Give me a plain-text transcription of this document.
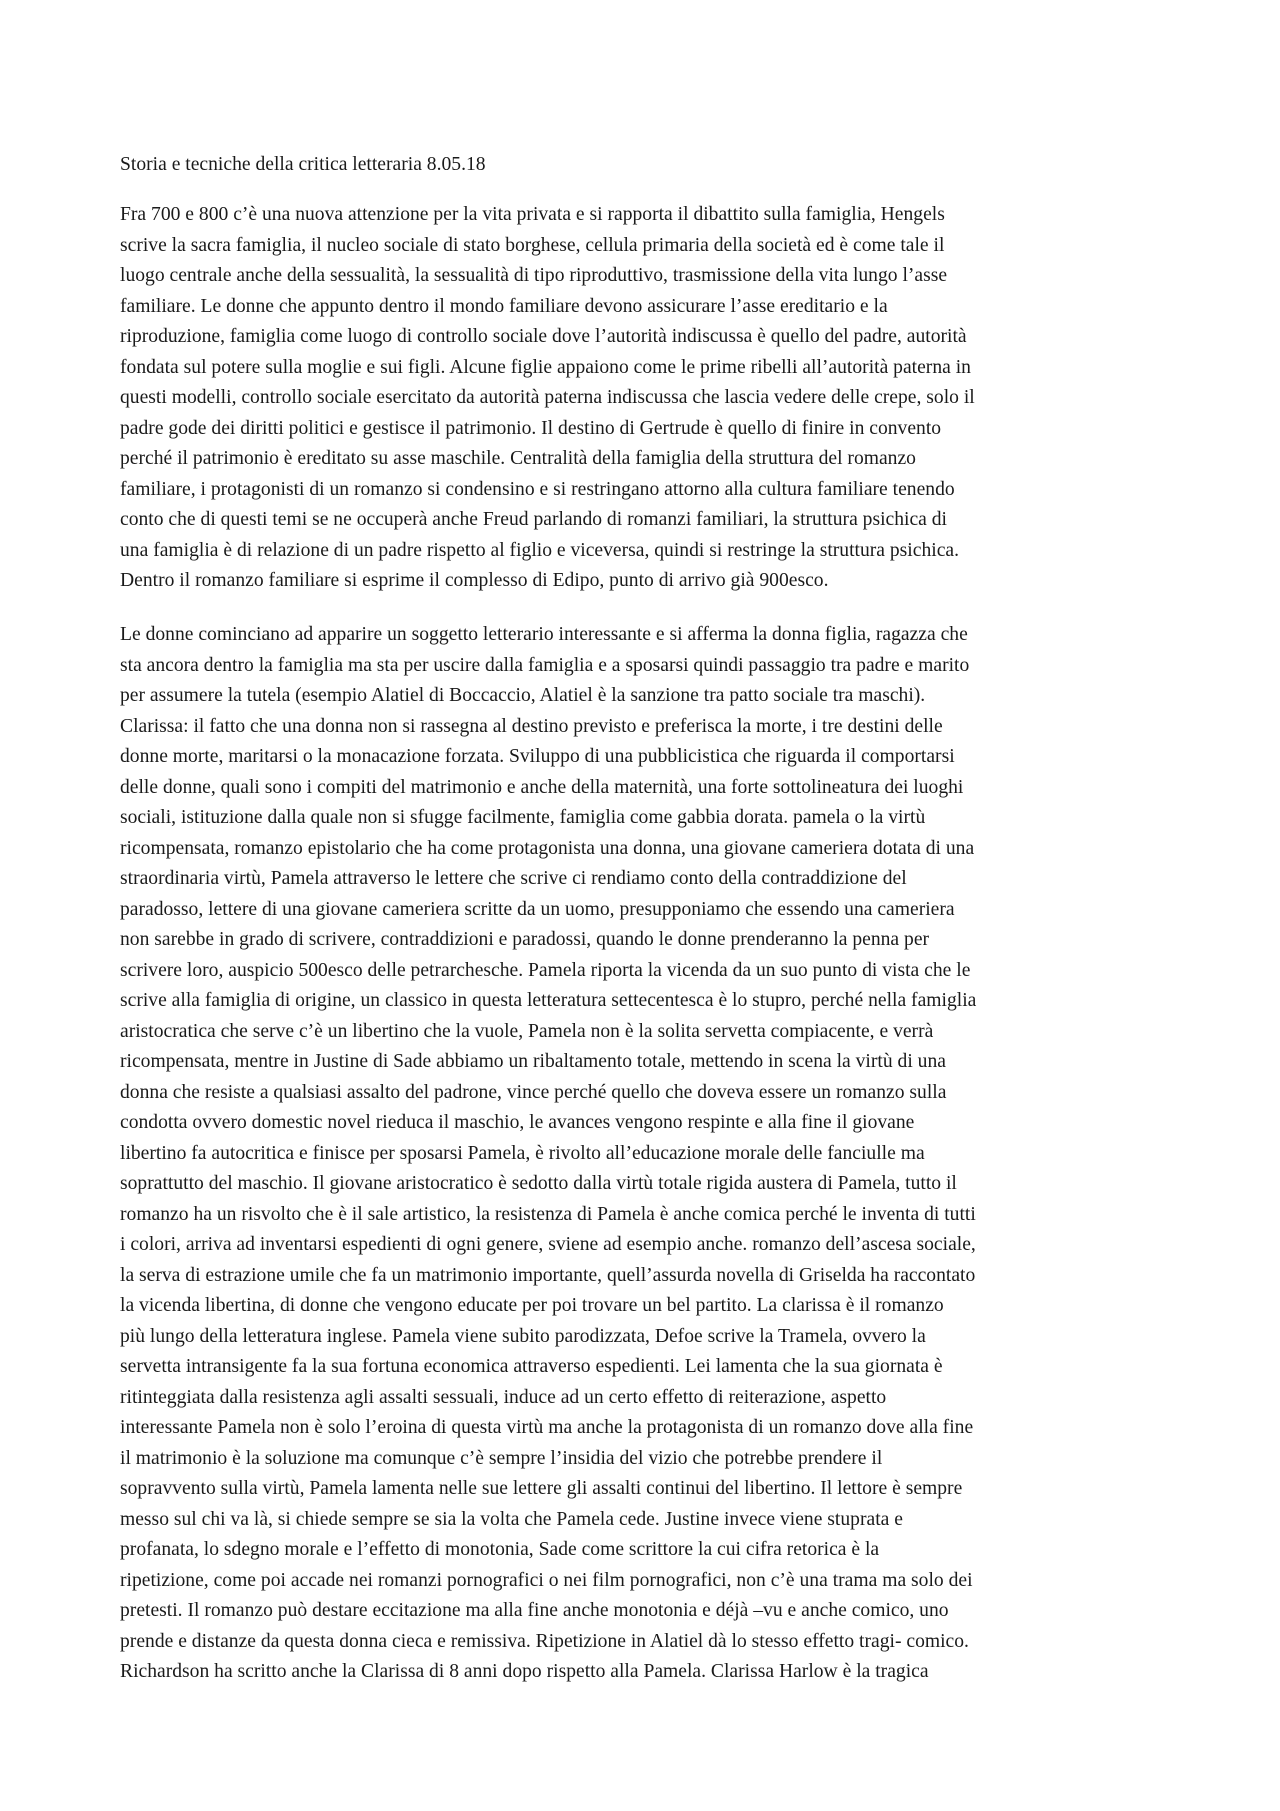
Storia e tecniche della critica letteraria 8.05.18
Fra 700 e 800 c’è una nuova attenzione per la vita privata e si rapporta il dibattito sulla famiglia, Hengels
scrive la sacra famiglia, il nucleo sociale di stato borghese, cellula primaria della società ed è come tale il
luogo centrale anche della sessualità, la sessualità di tipo riproduttivo, trasmissione della vita lungo l’asse
familiare. Le donne che appunto dentro il mondo familiare devono assicurare l’asse ereditario e la
riproduzione, famiglia come luogo di controllo sociale dove l’autorità indiscussa è quello del padre, autorità
fondata sul potere sulla moglie e sui figli. Alcune figlie appaiono come le prime ribelli all’autorità paterna in
questi modelli, controllo sociale esercitato da autorità paterna indiscussa che lascia vedere delle crepe, solo il
padre gode dei diritti politici e gestisce il patrimonio. Il destino di Gertrude è quello di finire in convento
perché il patrimonio è ereditato su asse maschile. Centralità della famiglia della struttura del romanzo
familiare, i protagonisti di un romanzo si condensino e si restringano attorno alla cultura familiare tenendo
conto che di questi temi se ne occuperà anche Freud parlando di romanzi familiari, la struttura psichica di
una famiglia è di relazione di un padre rispetto al figlio e viceversa, quindi si restringe la struttura psichica.
Dentro il romanzo familiare si esprime il complesso di Edipo, punto di arrivo già 900esco.
Le donne cominciano ad apparire un soggetto letterario interessante e si afferma la donna figlia, ragazza che
sta ancora dentro la famiglia ma sta per uscire dalla famiglia e a sposarsi quindi passaggio tra padre e marito
per assumere la tutela (esempio Alatiel di Boccaccio, Alatiel è la sanzione tra patto sociale tra maschi).
Clarissa: il fatto che una donna non si rassegna al destino previsto e preferisca la morte, i tre destini delle
donne morte, maritarsi o la monacazione forzata. Sviluppo di una pubblicistica che riguarda il comportarsi
delle donne, quali sono i compiti del matrimonio e anche della maternità, una forte sottolineatura dei luoghi
sociali, istituzione dalla quale non si sfugge facilmente, famiglia come gabbia dorata. pamela o la virtù
ricompensata, romanzo epistolario che ha come protagonista una donna, una giovane cameriera dotata di una
straordinaria virtù, Pamela attraverso le lettere che scrive ci rendiamo conto della contraddizione del
paradosso, lettere di una giovane cameriera scritte da un uomo, presupponiamo che essendo una cameriera
non sarebbe in grado di scrivere, contraddizioni e paradossi, quando le donne prenderanno la penna per
scrivere loro, auspicio 500esco delle petrarchesche. Pamela riporta la vicenda da un suo punto di vista che le
scrive alla famiglia di origine, un classico in questa letteratura settecentesca è lo stupro, perché nella famiglia
aristocratica che serve c’è un libertino che la vuole, Pamela non è la solita servetta compiacente, e verrà
ricompensata, mentre in Justine di Sade abbiamo un ribaltamento totale, mettendo in scena la virtù di una
donna che resiste a qualsiasi assalto del padrone, vince perché quello che doveva essere un romanzo sulla
condotta ovvero domestic novel rieduca il maschio, le avances vengono respinte e alla fine il giovane
libertino fa autocritica e finisce per sposarsi Pamela, è rivolto all’educazione morale delle fanciulle ma
soprattutto del maschio. Il giovane aristocratico è sedotto dalla virtù totale rigida austera di Pamela, tutto il
romanzo ha un risvolto che è il sale artistico, la resistenza di Pamela è anche comica perché le inventa di tutti
i colori, arriva ad inventarsi espedienti di ogni genere, sviene ad esempio anche. romanzo dell’ascesa sociale,
la serva di estrazione umile che fa un matrimonio importante, quell’assurda novella di Griselda ha raccontato
la vicenda libertina, di donne che vengono educate per poi trovare un bel partito. La clarissa è il romanzo
più lungo della letteratura inglese. Pamela viene subito parodizzata, Defoe scrive la Tramela, ovvero la
servetta intransigente fa la sua fortuna economica attraverso espedienti. Lei lamenta che la sua giornata è
ritinteggiata dalla resistenza agli assalti sessuali, induce ad un certo effetto di reiterazione, aspetto
interessante Pamela non è solo l’eroina di questa virtù ma anche la protagonista di un romanzo dove alla fine
il matrimonio è la soluzione ma comunque c’è sempre l’insidia del vizio che potrebbe prendere il
sopravvento sulla virtù, Pamela lamenta nelle sue lettere gli assalti continui del libertino. Il lettore è sempre
messo sul chi va là, si chiede sempre se sia la volta che Pamela cede. Justine invece viene stuprata e
profanata, lo sdegno morale e l’effetto di monotonia, Sade come scrittore la cui cifra retorica è la
ripetizione, come poi accade nei romanzi pornografici o nei film pornografici, non c’è una trama ma solo dei
pretesti. Il romanzo può destare eccitazione ma alla fine anche monotonia e déjà –vu e anche comico, uno
prende e distanze da questa donna cieca e remissiva. Ripetizione in Alatiel dà lo stesso effetto tragi- comico.
Richardson ha scritto anche la Clarissa di 8 anni dopo rispetto alla Pamela. Clarissa Harlow è la tragica
